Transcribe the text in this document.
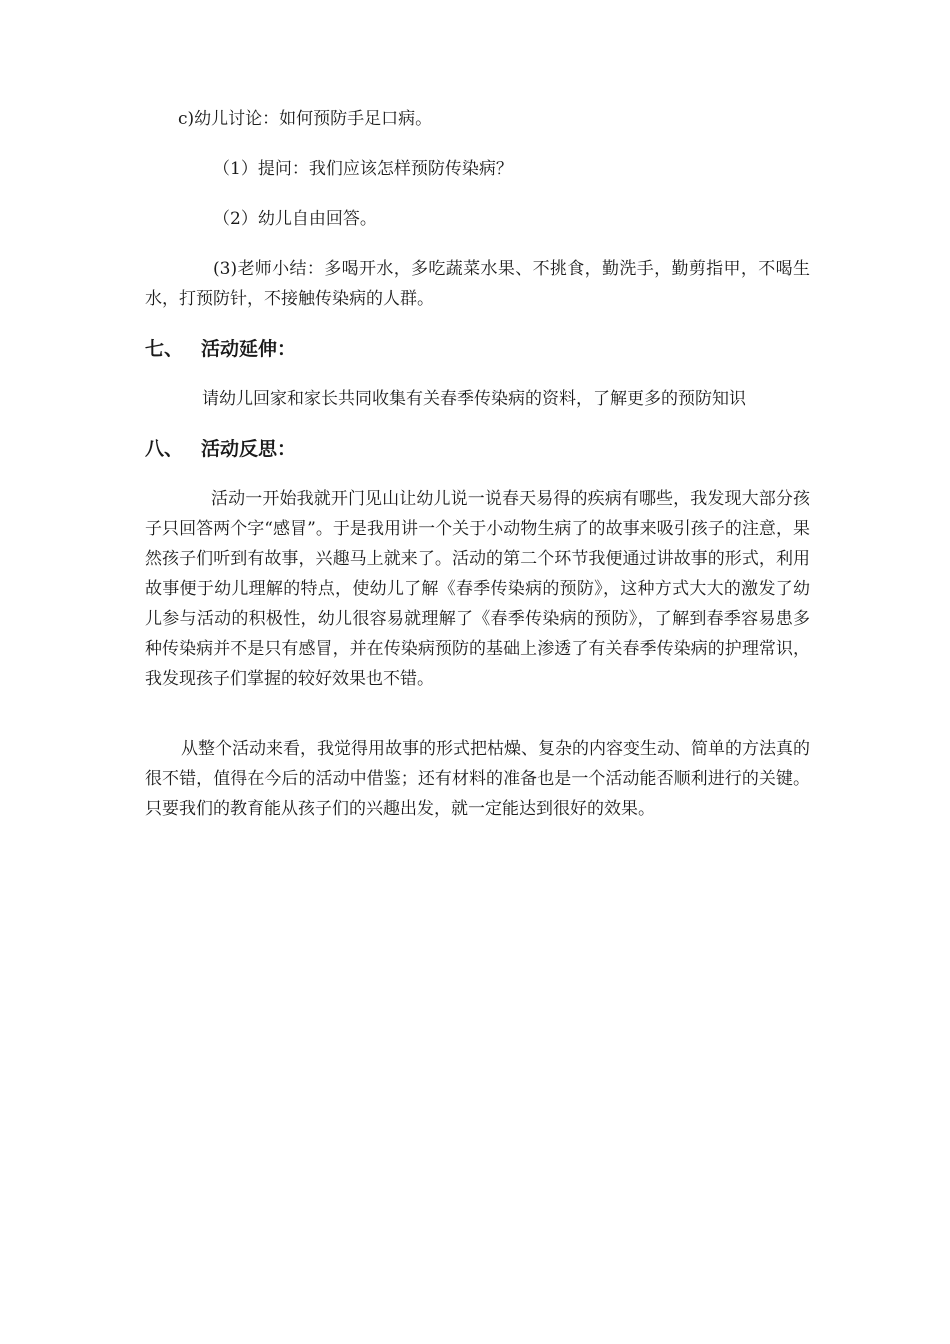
c)幼儿讨论：如何预防手足口病。

（1）提问：我们应该怎样预防传染病？

（2）幼儿自由回答。

(3)老师小结：多喝开水，多吃蔬菜水果、不挑食，勤洗手，勤剪指甲，不喝生水，打预防针，不接触传染病的人群。

七、 活动延伸：

请幼儿回家和家长共同收集有关春季传染病的资料，了解更多的预防知识

八、 活动反思：

活动一开始我就开门见山让幼儿说一说春天易得的疾病有哪些，我发现大部分孩子只回答两个字“感冒”。于是我用讲一个关于小动物生病了的故事来吸引孩子的注意，果然孩子们听到有故事，兴趣马上就来了。活动的第二个环节我便通过讲故事的形式，利用故事便于幼儿理解的特点，使幼儿了解《春季传染病的预防》，这种方式大大的激发了幼儿参与活动的积极性，幼儿很容易就理解了《春季传染病的预防》，了解到春季容易患多种传染病并不是只有感冒，并在传染病预防的基础上渗透了有关春季传染病的护理常识，我发现孩子们掌握的较好效果也不错。

从整个活动来看，我觉得用故事的形式把枯燥、复杂的内容变生动、简单的方法真的很不错，值得在今后的活动中借鉴；还有材料的准备也是一个活动能否顺利进行的关键。只要我们的教育能从孩子们的兴趣出发，就一定能达到很好的效果。
